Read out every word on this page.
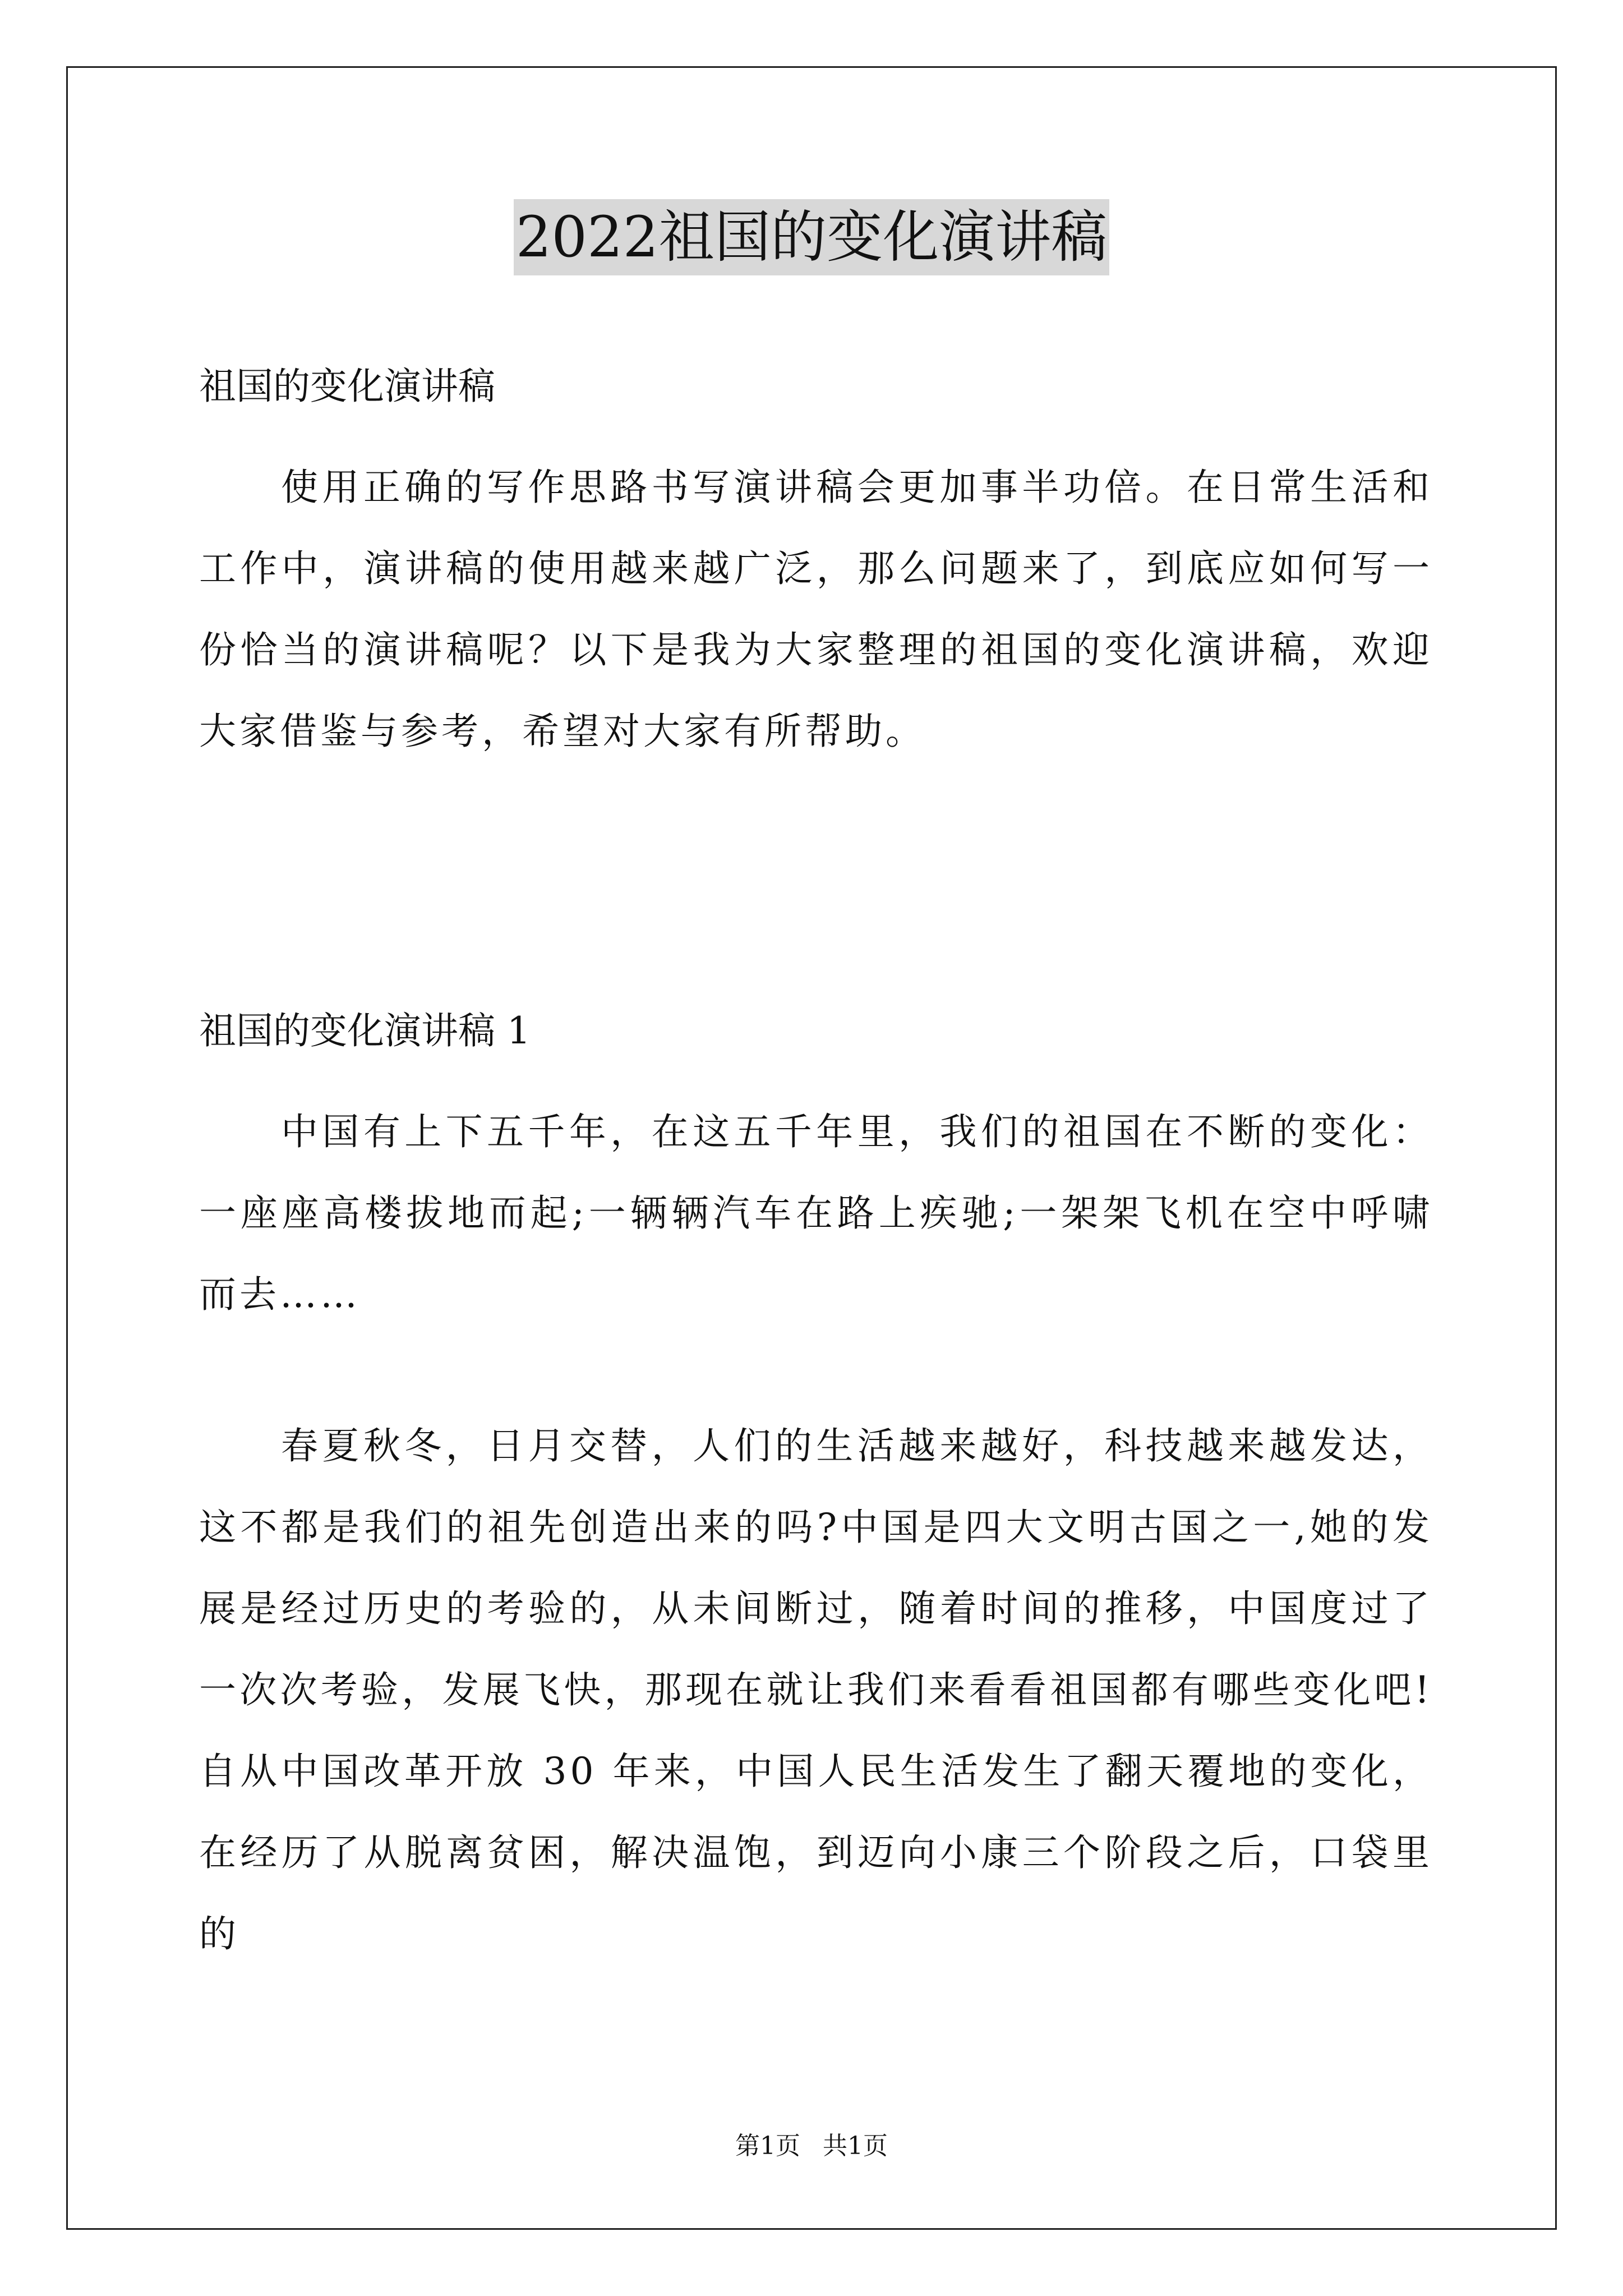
2022祖国的变化演讲稿
祖国的变化演讲稿
使用正确的写作思路书写演讲稿会更加事半功倍。在日常生活和工作中，演讲稿的使用越来越广泛，那么问题来了，到底应如何写一份恰当的演讲稿呢？以下是我为大家整理的祖国的变化演讲稿，欢迎大家借鉴与参考，希望对大家有所帮助。
祖国的变化演讲稿 1
中国有上下五千年，在这五千年里，我们的祖国在不断的变化：一座座高楼拔地而起;一辆辆汽车在路上疾驰;一架架飞机在空中呼啸而去……
春夏秋冬，日月交替，人们的生活越来越好，科技越来越发达，这不都是我们的祖先创造出来的吗?中国是四大文明古国之一,她的发展是经过历史的考验的，从未间断过，随着时间的推移，中国度过了一次次考验，发展飞快，那现在就让我们来看看祖国都有哪些变化吧!自从中国改革开放 30 年来，中国人民生活发生了翻天覆地的变化，在经历了从脱离贫困，解决温饱，到迈向小康三个阶段之后，口袋里的
第1页 共1页
